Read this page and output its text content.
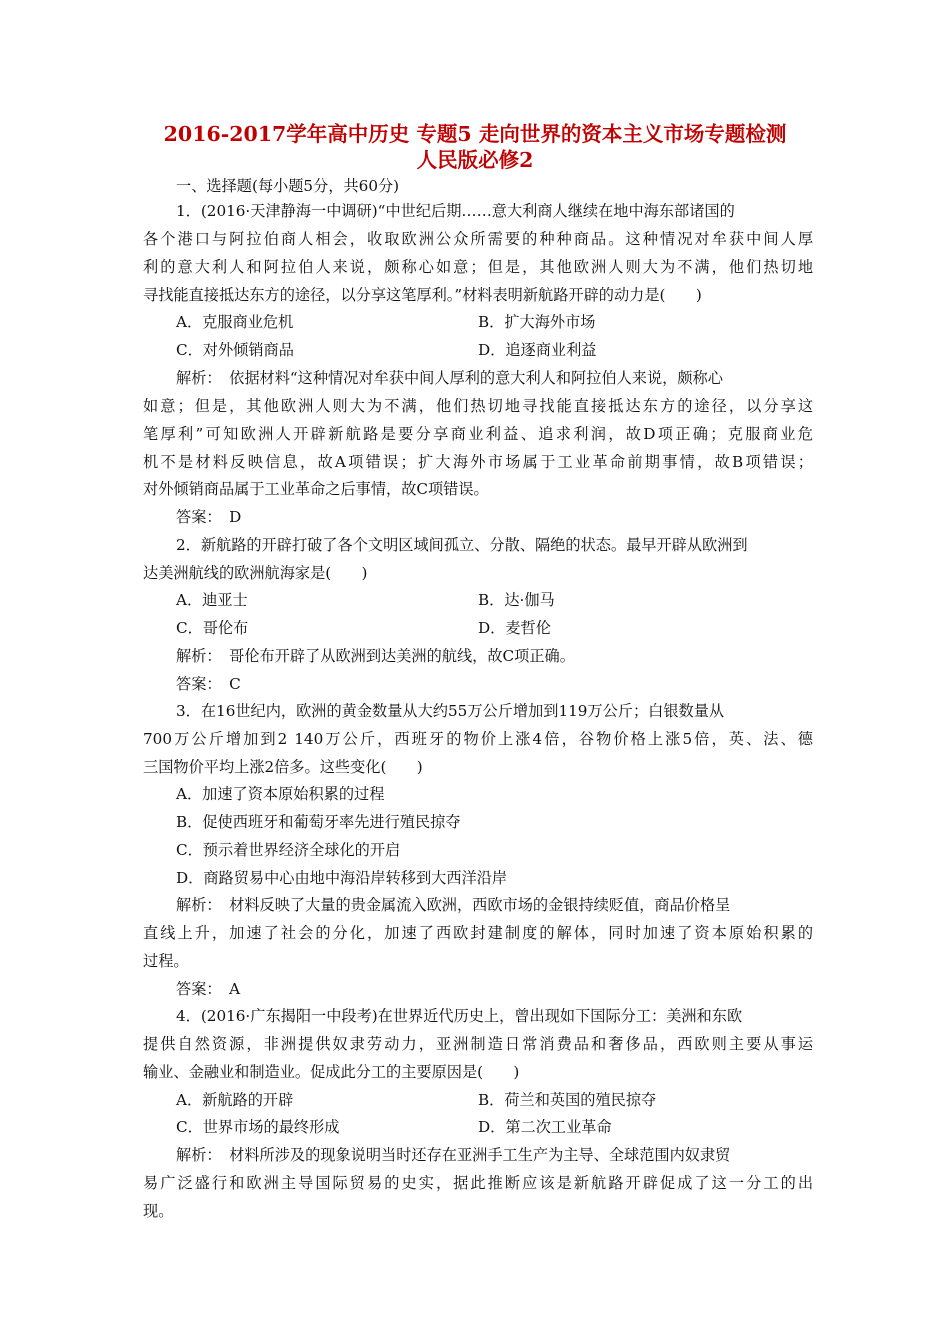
2016-2017学年高中历史 专题5 走向世界的资本主义市场专题检测
人民版必修2
一、选择题(每小题5分，共60分)
1．(2016·天津静海一中调研)“中世纪后期……意大利商人继续在地中海东部诸国的
各个港口与阿拉伯商人相会，收取欧洲公众所需要的种种商品。这种情况对牟获中间人厚
利的意大利人和阿拉伯人来说，颇称心如意；但是，其他欧洲人则大为不满，他们热切地
寻找能直接抵达东方的途径，以分享这笔厚利。”材料表明新航路开辟的动力是(　　)
A．克服商业危机	B．扩大海外市场
C．对外倾销商品	D．追逐商业利益
解析：　依据材料“这种情况对牟获中间人厚利的意大利人和阿拉伯人来说，颇称心
如意；但是，其他欧洲人则大为不满，他们热切地寻找能直接抵达东方的途径，以分享这
笔厚利”可知欧洲人开辟新航路是要分享商业利益、追求利润，故D项正确；克服商业危
机不是材料反映信息，故A项错误；扩大海外市场属于工业革命前期事情，故B项错误；
对外倾销商品属于工业革命之后事情，故C项错误。
答案：　D
2．新航路的开辟打破了各个文明区域间孤立、分散、隔绝的状态。最早开辟从欧洲到
达美洲航线的欧洲航海家是(　　)
A．迪亚士	B．达·伽马
C．哥伦布	D．麦哲伦
解析：　哥伦布开辟了从欧洲到达美洲的航线，故C项正确。
答案：　C
3．在16世纪内，欧洲的黄金数量从大约55万公斤增加到119万公斤；白银数量从
700万公斤增加到2 140万公斤，西班牙的物价上涨4倍，谷物价格上涨5倍，英、法、德
三国物价平均上涨2倍多。这些变化(　　)
A．加速了资本原始积累的过程
B．促使西班牙和葡萄牙率先进行殖民掠夺
C．预示着世界经济全球化的开启
D．商路贸易中心由地中海沿岸转移到大西洋沿岸
解析：　材料反映了大量的贵金属流入欧洲，西欧市场的金银持续贬值，商品价格呈
直线上升，加速了社会的分化，加速了西欧封建制度的解体，同时加速了资本原始积累的
过程。
答案：　A
4．(2016·广东揭阳一中段考)在世界近代历史上，曾出现如下国际分工：美洲和东欧
提供自然资源，非洲提供奴隶劳动力，亚洲制造日常消费品和奢侈品，西欧则主要从事运
输业、金融业和制造业。促成此分工的主要原因是(　　)
A．新航路的开辟	B．荷兰和英国的殖民掠夺
C．世界市场的最终形成	D．第二次工业革命
解析：　材料所涉及的现象说明当时还存在亚洲手工生产为主导、全球范围内奴隶贸
易广泛盛行和欧洲主导国际贸易的史实，据此推断应该是新航路开辟促成了这一分工的出
现。
